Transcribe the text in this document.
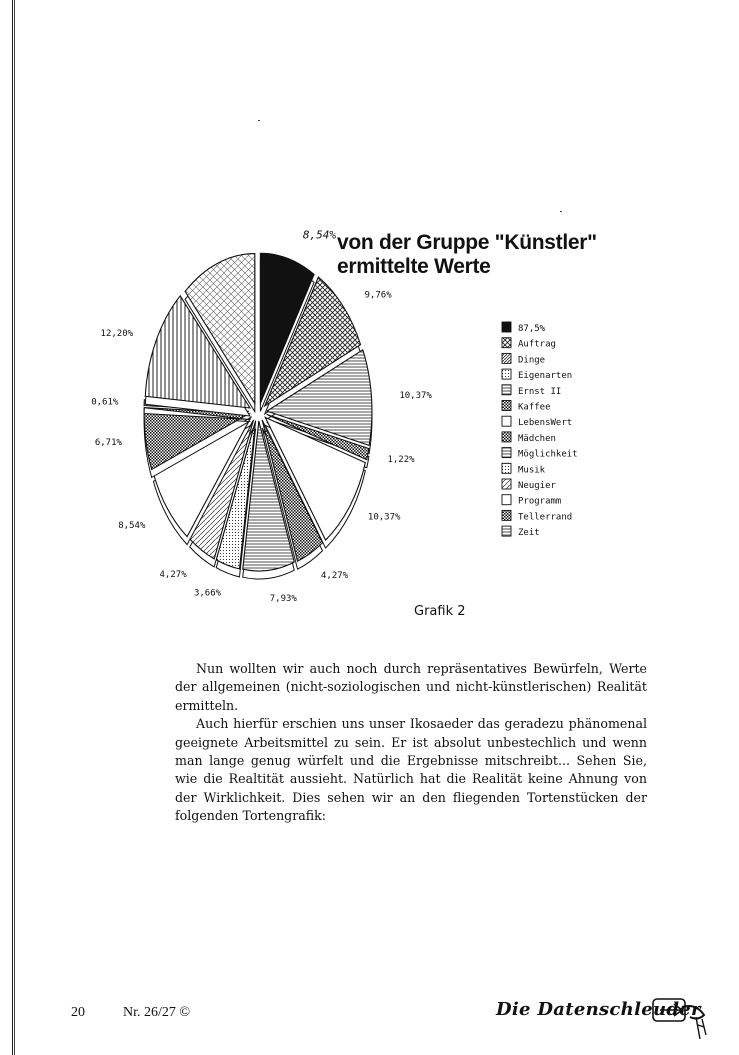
8,54%
9,76%
10,37%
1,22%
10,37%
4,27%
7,93%
3,66%
4,27%
8,54%
6,71%
0,61%
12,20%
87,5%
Auftrag
Dinge
Eigenarten
Ernst II
Kaffee
LebensWert
Mädchen
Möglichkeit
Musik
Neugier
Programm
Tellerrand
Zeit
von der Gruppe "Künstler"
ermittelte Werte
Grafik 2

Nun wollten wir auch noch durch repräsentatives Bewürfeln, Werte der allgemeinen (nicht-soziologischen und nicht-künstlerischen) Realität ermitteln.

Auch hierfür erschien uns unser Ikosaeder das geradezu phänomenal geeignete Arbeitsmittel zu sein. Er ist absolut unbestechlich und wenn man lange genug würfelt und die Ergebnisse mitschreibt... Sehen Sie, wie die Realtität aussieht. Natürlich hat die Realität keine Ahnung von der Wirklichkeit. Dies sehen wir an den fliegenden Tortenstücken der folgenden Tortengrafik:

20	Nr. 26/27 ©	Die Datenschleuder
